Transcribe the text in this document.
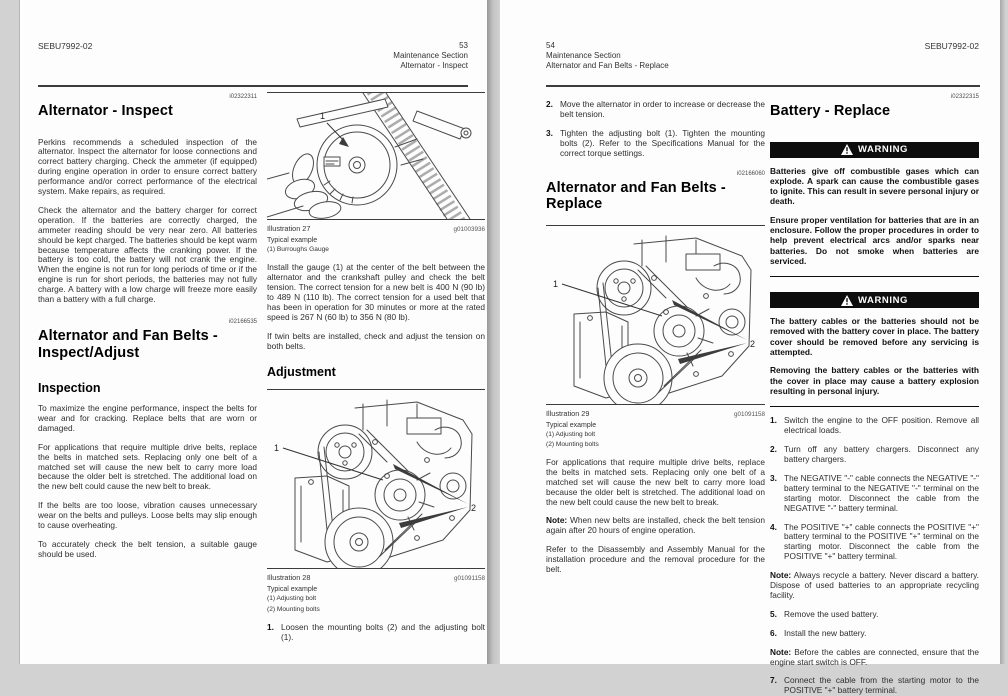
SEBU7992-02	53
Maintenance Section
Alternator - Inspect
i02322311
Alternator - Inspect

Perkins recommends a scheduled inspection of the alternator. Inspect the alternator for loose connections and correct battery charging. Check the ammeter (if equipped) during engine operation in order to ensure correct battery performance and/or correct performance of the electrical system. Make repairs, as required.

Check the alternator and the battery charger for correct operation. If the batteries are correctly charged, the ammeter reading should be very near zero. All batteries should be kept charged. The batteries should be kept warm because temperature affects the cranking power. If the battery is too cold, the battery will not crank the engine. When the engine is not run for long periods of time or if the engine is run for short periods, the batteries may not fully charge. A battery with a low charge will freeze more easily than a battery with a full charge.

i02166535
Alternator and Fan Belts -
Inspect/Adjust
Inspection

To maximize the engine performance, inspect the belts for wear and for cracking. Replace belts that are worn or damaged.

For applications that require multiple drive belts, replace the belts in matched sets. Replacing only one belt of a matched set will cause the new belt to carry more load because the older belt is stretched. The additional load on the new belt could cause the new belt to break.

If the belts are too loose, vibration causes unnecessary wear on the belts and pulleys. Loose belts may slip enough to cause overheating.

To accurately check the belt tension, a suitable gauge should be used.

Illustration 27	g01003936
Typical example
(1) Burroughs Gauge

Install the gauge (1) at the center of the belt between the alternator and the crankshaft pulley and check the belt tension. The correct tension for a new belt is 400 N (90 lb) to 489 N (110 lb). The correct tension for a used belt that has been in operation for 30 minutes or more at the rated speed is 267 N (60 lb) to 356 N (80 lb).

If twin belts are installed, check and adjust the tension on both belts.

Adjustment
Illustration 28	g01091158
Typical example
(1) Adjusting bolt
(2) Mounting bolts
1. Loosen the mounting bolts (2) and the adjusting bolt (1).
54
Maintenance Section
Alternator and Fan Belts - Replace
SEBU7992-02
2. Move the alternator in order to increase or decrease the belt tension.
3. Tighten the adjusting bolt (1). Tighten the mounting bolts (2). Refer to the Specifications Manual for the correct torque settings.
i02166060
Alternator and Fan Belts -
Replace
Illustration 29	g01091158
Typical example
(1) Adjusting bolt
(2) Mounting bolts

For applications that require multiple drive belts, replace the belts in matched sets. Replacing only one belt of a matched set will cause the new belt to carry more load because the older belt is stretched. The additional load on the new belt could cause the new belt to break.

Note: When new belts are installed, check the belt tension again after 20 hours of engine operation.

Refer to the Disassembly and Assembly Manual for the installation procedure and the removal procedure for the belt.

i02322315
Battery - Replace
WARNING

Batteries give off combustible gases which can explode. A spark can cause the combustible gases to ignite. This can result in severe personal injury or death.

Ensure proper ventilation for batteries that are in an enclosure. Follow the proper procedures in order to help prevent electrical arcs and/or sparks near batteries. Do not smoke when batteries are serviced.

WARNING

The battery cables or the batteries should not be removed with the battery cover in place. The battery cover should be removed before any servicing is attempted.

Removing the battery cables or the batteries with the cover in place may cause a battery explosion resulting in personal injury.

1. Switch the engine to the OFF position. Remove all electrical loads.
2. Turn off any battery chargers. Disconnect any battery chargers.
3. The NEGATIVE "-" cable connects the NEGATIVE "-" battery terminal to the NEGATIVE "-" terminal on the starting motor. Disconnect the cable from the NEGATIVE "-" battery terminal.
4. The POSITIVE "+" cable connects the POSITIVE "+" battery terminal to the POSITIVE "+" terminal on the starting motor. Disconnect the cable from the POSITIVE "+" battery terminal.

Note: Always recycle a battery. Never discard a battery. Dispose of used batteries to an appropriate recycling facility.

5. Remove the used battery.
6. Install the new battery.

Note: Before the cables are connected, ensure that the engine start switch is OFF.

7. Connect the cable from the starting motor to the POSITIVE "+" battery terminal.
